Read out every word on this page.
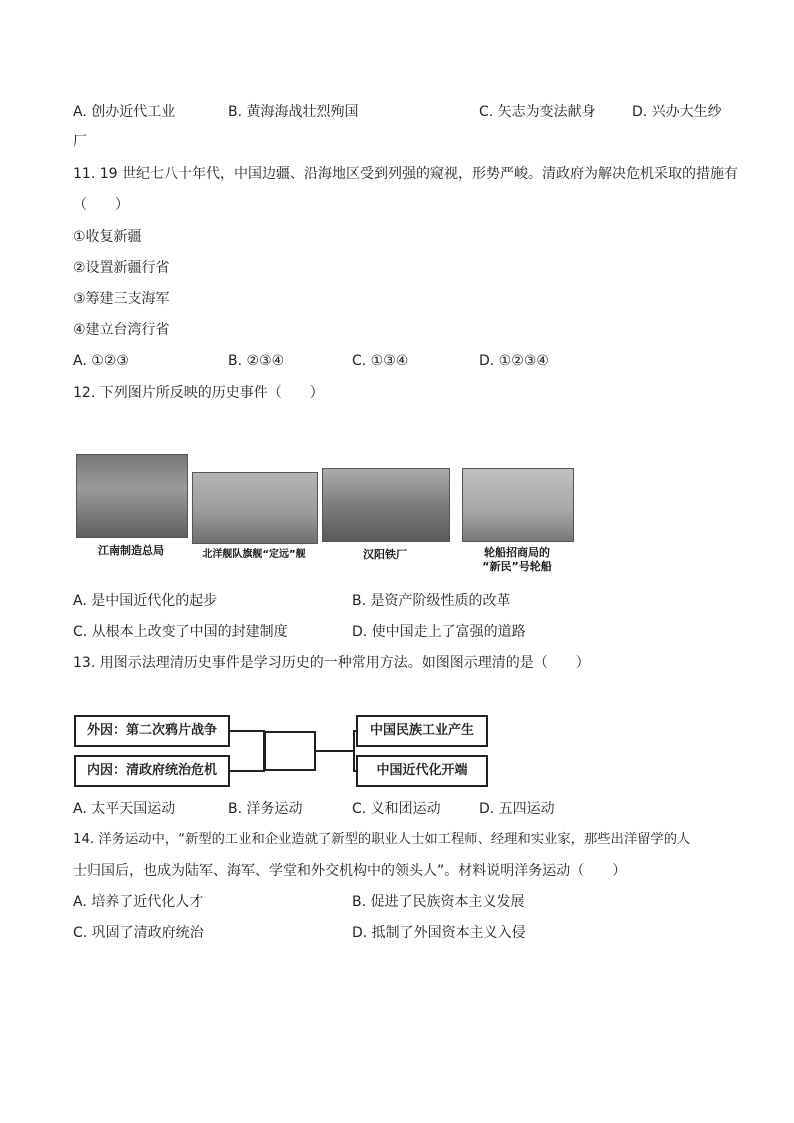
A. 创办近代工业	B. 黄海海战壮烈殉国	C. 矢志为变法献身	D. 兴办大生纱
厂
11. 19 世纪七八十年代，中国边疆、沿海地区受到列强的窥视，形势严峻。清政府为解决危机采取的措施有
（　　）
①收复新疆
②设置新疆行省
③筹建三支海军
④建立台湾行省
A. ①②③	B. ②③④	C. ①③④	D. ①②③④
12. 下列图片所反映的历史事件（　　）
江南制造总局	北洋舰队旗舰“定远”舰	汉阳铁厂	轮船招商局的
“新民”号轮船
A. 是中国近代化的起步	B. 是资产阶级性质的改革
C. 从根本上改变了中国的封建制度	D. 使中国走上了富强的道路
13. 用图示法理清历史事件是学习历史的一种常用方法。如图图示理清的是（　　）
外因：第二次鸦片战争
内因：清政府统治危机
中国民族工业产生
中国近代化开端
A. 太平天国运动	B. 洋务运动	C. 义和团运动	D. 五四运动
14. 洋务运动中，“新型的工业和企业造就了新型的职业人士如工程师、经理和实业家，那些出洋留学的人
士归国后，也成为陆军、海军、学堂和外交机构中的领头人”。材料说明洋务运动（　　）
A. 培养了近代化人才	B. 促进了民族资本主义发展
C. 巩固了清政府统治	D. 抵制了外国资本主义入侵
